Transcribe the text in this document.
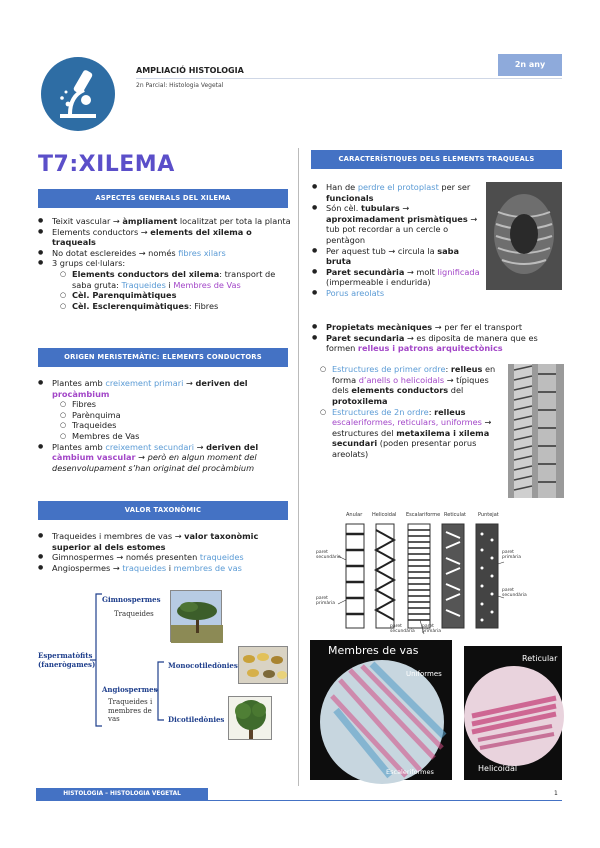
AMPLIACIÓ HISTOLOGIA
2n Parcial: Histologia Vegetal
2n any
T7:XILEMA
ASPECTES GENERALS DEL XILEMA
● Teixit vascular → àmpliament localitzat per tota la planta
● Elements conductors → elements del xilema o traqueals
● No dotat esclereides → només fibres xilars
● 3 grups cel·lulars:
○ Elements conductors del xilema: transport de saba gruta: Traqueides i Membres de Vas
○ Cèl. Parenquimàtiques
○ Cèl. Esclerenquimàtiques: Fibres
ORIGEN MERISTEMÀTIC: ELEMENTS CONDUCTORS
● Plantes amb creixement primari → deriven del procàmbium
○ Fibres
○ Parènquima
○ Traqueides
○ Membres de Vas
● Plantes amb creixement secundari → deriven del càmbium vascular → però en algun moment del desenvolupament s’han originat del procàmbium
VALOR TAXONÒMIC
● Traqueides i membres de vas → valor taxonòmic superior al dels estomes
● Gimnospermes → només presenten traqueides
● Angiospermes → traqueides i membres de vas
Espermatòfits (fanerògames)
Gimnospermes
Traqueides
Angiospermes
Traqueides i membres de vas
Monocotiledònies
Dicotiledònies
CARACTERÍSTIQUES DELS ELEMENTS TRAQUEALS
● Han de perdre el protoplast per ser funcionals
● Són cèl. tubulars → aproximadament prismàtiques → tub pot recordar a un cercle o pentàgon
● Per aquest tub → circula la saba bruta
● Paret secundària → molt lignificada (impermeable i endurida)
● Porus areolats
● Propietats mecàniques → per fer el transport
● Paret secundaria → es diposita de manera que es formen relleus i patrons arquitectònics
○ Estructures de primer ordre: relleus en forma d’anells o helicoidals → típiques dels elements conductors del protoxilema
○ Estructures de 2n ordre: relleus escaleriformes, reticulars, uniformes → estructures del metaxilema i xilema secundari (poden presentar porus areolats)
Anular Helicoidal Escalariforme Reticulat Puntejat
paret secundària
paret primària
paret secundària
paret primària
paret primària
paret secundària
Membres de vas
Uniformes
Escaleriformes
Reticular
Helicoidal
HISTOLOGIA – HISTOLOGIA VEGETAL	1
